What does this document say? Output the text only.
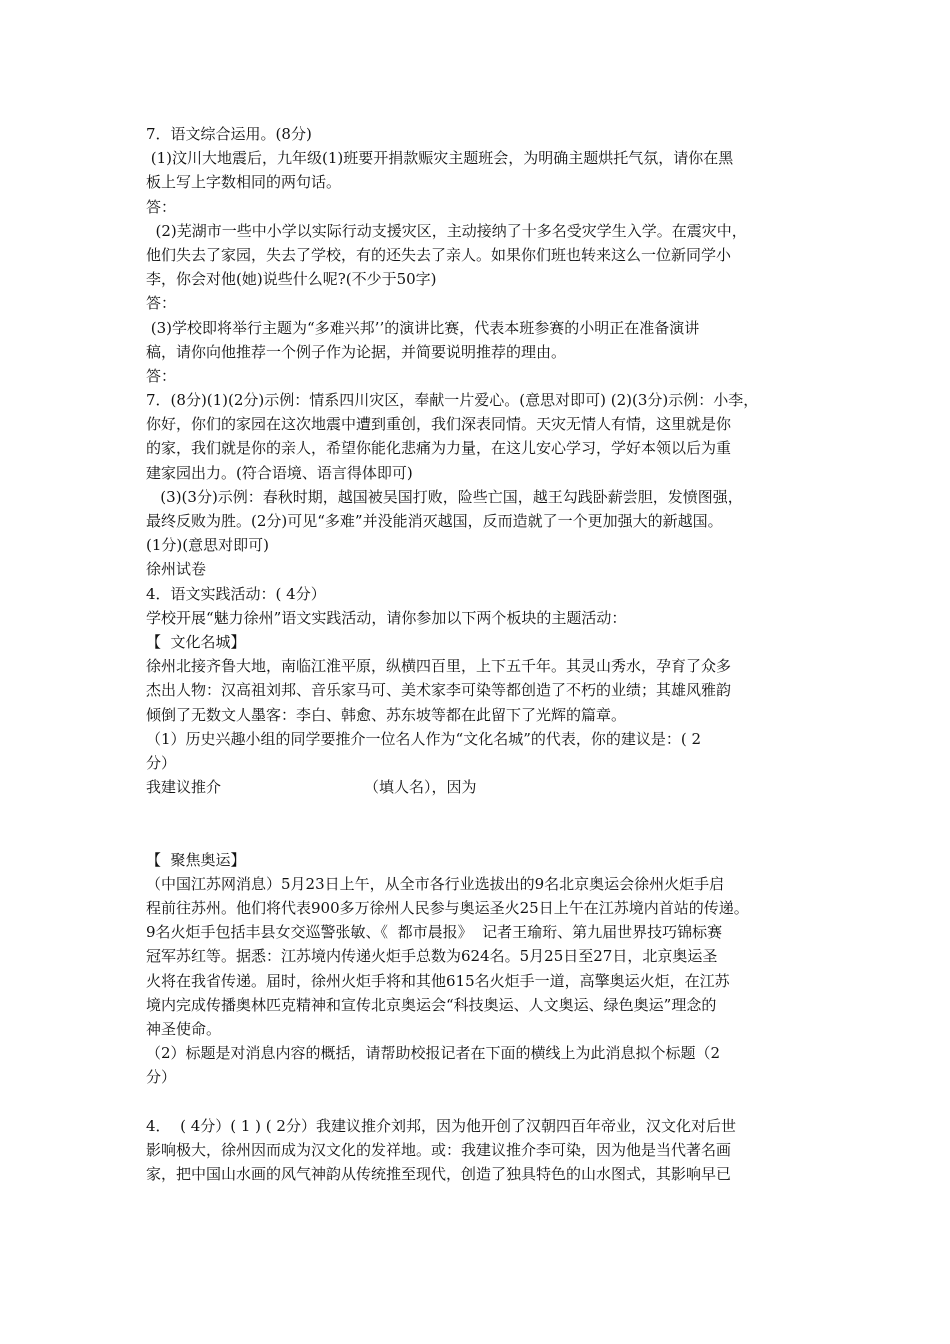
7．语文综合运用。(8分)
(1)汶川大地震后，九年级(1)班要开捐款赈灾主题班会，为明确主题烘托气氛，请你在黑
板上写上字数相同的两句话。
答：
(2)芜湖市一些中小学以实际行动支援灾区，主动接纳了十多名受灾学生入学。在震灾中，
他们失去了家园，失去了学校，有的还失去了亲人。如果你们班也转来这么一位新同学小
李，你会对他(她)说些什么呢?(不少于50字)
答：
(3)学校即将举行主题为“多难兴邦’’的演讲比赛，代表本班参赛的小明正在准备演讲
稿，请你向他推荐一个例子作为论据，并简要说明推荐的理由。
答：
7．(8分)(1)(2分)示例：情系四川灾区，奉献一片爱心。(意思对即可) (2)(3分)示例：小李，
你好，你们的家园在这次地震中遭到重创，我们深表同情。天灾无情人有情，这里就是你
的家，我们就是你的亲人，希望你能化悲痛为力量，在这儿安心学习，学好本领以后为重
建家园出力。(符合语境、语言得体即可)
(3)(3分)示例：春秋时期，越国被吴国打败，险些亡国，越王勾践卧薪尝胆，发愤图强，
最终反败为胜。(2分)可见“多难”并没能消灭越国，反而造就了一个更加强大的新越国。
(1分)(意思对即可)
徐州试卷
4．语文实践活动：( 4分）
学校开展“魅力徐州”语文实践活动，请你参加以下两个板块的主题活动：
【  文化名城】
徐州北接齐鲁大地，南临江淮平原，纵横四百里，上下五千年。其灵山秀水，孕育了众多
杰出人物：汉高祖刘邦、音乐家马可、美术家李可染等都创造了不朽的业绩；其雄风雅韵
倾倒了无数文人墨客：李白、韩愈、苏东坡等都在此留下了光辉的篇章。
（1）历史兴趣小组的同学要推介一位名人作为“文化名城”的代表，你的建议是：( 2
分）
我建议推介                              （填人名），因为
【  聚焦奥运】
（中国江苏网消息）5月23日上午，从全市各行业选拔出的9名北京奥运会徐州火炬手启
程前往苏州。他们将代表900多万徐州人民参与奥运圣火25日上午在江苏境内首站的传递。
9名火炬手包括丰县女交巡警张敏、《  都市晨报》  记者王瑜珩、第九届世界技巧锦标赛
冠军苏红等。据悉：江苏境内传递火炬手总数为624名。5月25日至27日，北京奥运圣
火将在我省传递。届时，徐州火炬手将和其他615名火炬手一道，高擎奥运火炬，在江苏
境内完成传播奥林匹克精神和宣传北京奥运会“科技奥运、人文奥运、绿色奥运”理念的
神圣使命。
（2）标题是对消息内容的概括，请帮助校报记者在下面的横线上为此消息拟个标题（2
分）
4．  ( 4分）( 1 ) ( 2分）我建议推介刘邦，因为他开创了汉朝四百年帝业，汉文化对后世
影响极大，徐州因而成为汉文化的发祥地。或：我建议推介李可染，因为他是当代著名画
家，把中国山水画的风气神韵从传统推至现代，创造了独具特色的山水图式，其影响早已
